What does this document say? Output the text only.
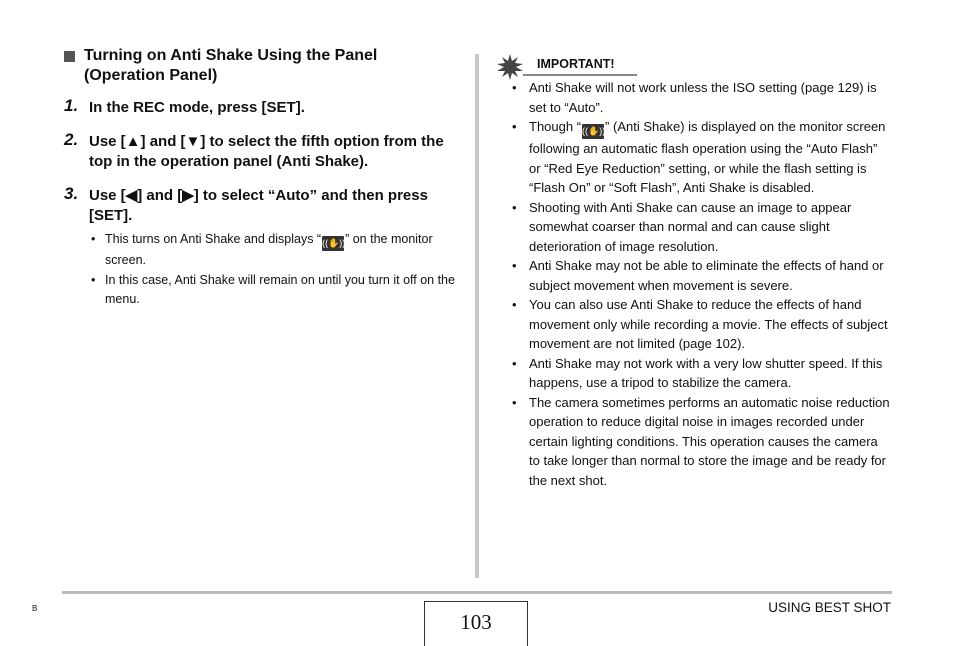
Turning on Anti Shake Using the Panel
(Operation Panel)
1. In the REC mode, press [SET].
2. Use [▲] and [▼] to select the fifth option from the top in the operation panel (Anti Shake).
3. Use [◀] and [▶] to select “Auto” and then press [SET].
• This turns on Anti Shake and displays “((✋))” on the monitor screen.
• In this case, Anti Shake will remain on until you turn it off on the menu.
IMPORTANT!
• Anti Shake will not work unless the ISO setting (page 129) is set to “Auto”.
• Though “((✋))” (Anti Shake) is displayed on the monitor screen following an automatic flash operation using the “Auto Flash” or “Red Eye Reduction” setting, or while the flash setting is “Flash On” or “Soft Flash”, Anti Shake is disabled.
• Shooting with Anti Shake can cause an image to appear somewhat coarser than normal and can cause slight deterioration of image resolution.
• Anti Shake may not be able to eliminate the effects of hand or subject movement when movement is severe.
• You can also use Anti Shake to reduce the effects of hand movement only while recording a movie. The effects of subject movement are not limited (page 102).
• Anti Shake may not work with a very low shutter speed. If this happens, use a tripod to stabilize the camera.
• The camera sometimes performs an automatic noise reduction operation to reduce digital noise in images recorded under certain lighting conditions. This operation causes the camera to take longer than normal to store the image and be ready for the next shot.
B
103
USING BEST SHOT
